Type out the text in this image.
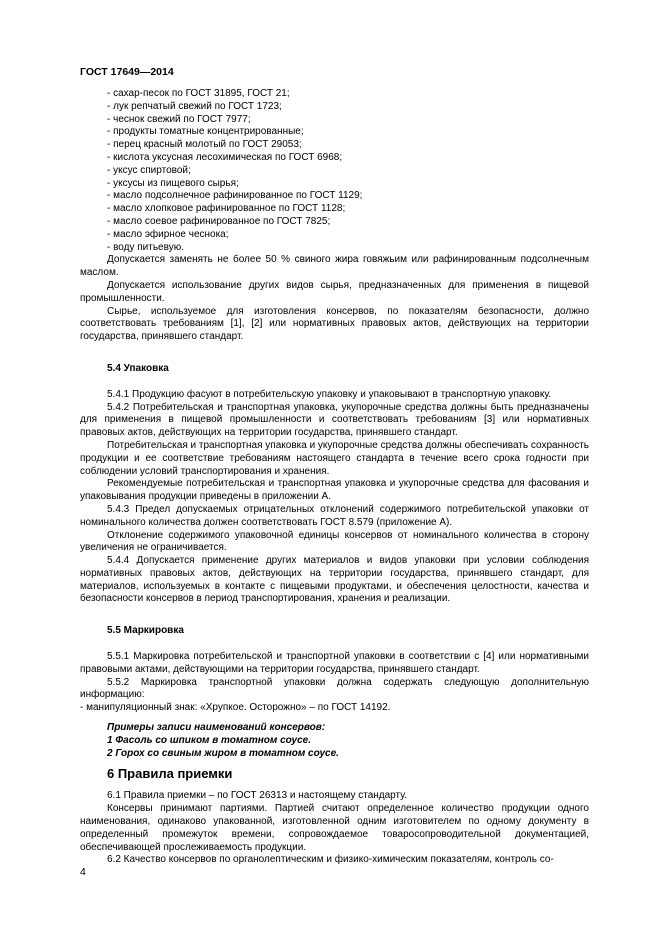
ГОСТ 17649—2014
- сахар-песок по ГОСТ 31895, ГОСТ 21;
- лук репчатый свежий по ГОСТ 1723;
- чеснок свежий по ГОСТ 7977;
- продукты томатные концентрированные;
- перец красный молотый по ГОСТ 29053;
- кислота уксусная лесохимическая по ГОСТ 6968;
- уксус спиртовой;
- уксусы из пищевого сырья;
- масло подсолнечное рафинированное по ГОСТ 1129;
- масло хлопковое рафинированное по ГОСТ 1128;
- масло соевое рафинированное по ГОСТ 7825;
- масло эфирное чеснока;
- воду питьевую.
Допускается заменять не более 50 % свиного жира говяжьим или рафинированным подсолнечным маслом.
Допускается использование других видов сырья, предназначенных для применения в пищевой промышленности.
Сырье, используемое для изготовления консервов, по показателям безопасности, должно соответствовать требованиям [1], [2] или нормативных правовых актов, действующих на территории государства, принявшего стандарт.
5.4 Упаковка
5.4.1 Продукцию фасуют в потребительскую упаковку и упаковывают в транспортную упаковку.
5.4.2 Потребительская и транспортная упаковка, укупорочные средства должны быть предназначены для применения в пищевой промышленности и соответствовать требованиям [3] или нормативных правовых актов, действующих на территории государства, принявшего стандарт.
Потребительская и транспортная упаковка и укупорочные средства должны обеспечивать сохранность продукции и ее соответствие требованиям настоящего стандарта в течение всего срока годности при соблюдении условий транспортирования и хранения.
Рекомендуемые потребительская и транспортная упаковка и укупорочные средства для фасования и упаковывания продукции приведены в приложении А.
5.4.3 Предел допускаемых отрицательных отклонений содержимого потребительской упаковки от номинального количества должен соответствовать ГОСТ 8.579 (приложение А).
Отклонение содержимого упаковочной единицы консервов от номинального количества в сторону увеличения не ограничивается.
5.4.4 Допускается применение других материалов и видов упаковки при условии соблюдения нормативных правовых актов, действующих на территории государства, принявшего стандарт, для материалов, используемых в контакте с пищевыми продуктами, и обеспечения целостности, качества и безопасности консервов в период транспортирования, хранения и реализации.
5.5 Маркировка
5.5.1 Маркировка потребительской и транспортной упаковки в соответствии с [4] или нормативными правовыми актами, действующими на территории государства, принявшего стандарт.
5.5.2 Маркировка транспортной упаковки должна содержать следующую дополнительную информацию:
- манипуляционный знак: «Хрупкое. Осторожно» – по ГОСТ 14192.
Примеры записи наименований консервов:
1 Фасоль со шпиком в томатном соусе.
2 Горох со свиным жиром в томатном соусе.
6 Правила приемки
6.1 Правила приемки – по ГОСТ 26313 и настоящему стандарту.
Консервы принимают партиями. Партией считают определенное количество продукции одного наименования, одинаково упакованной, изготовленной одним изготовителем по одному документу в определенный промежуток времени, сопровождаемое товаросопроводительной документацией, обеспечивающей прослеживаемость продукции.
6.2 Качество консервов по органолептическим и физико-химическим показателям, контроль со-
4
